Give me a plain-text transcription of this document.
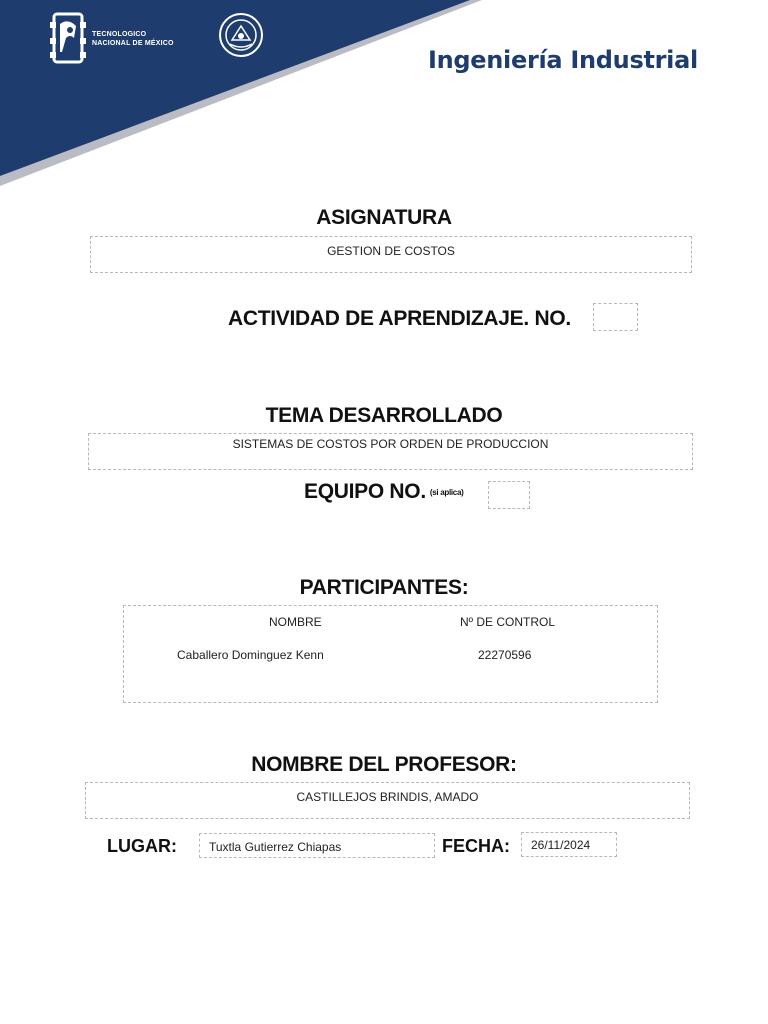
TECNOLOGICO
NACIONAL DE MÉXICO
Ingeniería Industrial
ASIGNATURA
GESTION DE COSTOS
ACTIVIDAD DE APRENDIZAJE. NO.
TEMA DESARROLLADO
SISTEMAS DE COSTOS POR ORDEN DE PRODUCCION
EQUIPO NO. (si aplica)
PARTICIPANTES:
NOMBRE	Nº DE CONTROL
Caballero Dominguez Kenn	22270596
NOMBRE DEL PROFESOR:
CASTILLEJOS BRINDIS, AMADO
LUGAR:	Tuxtla Gutierrez Chiapas	FECHA: 26/11/2024
